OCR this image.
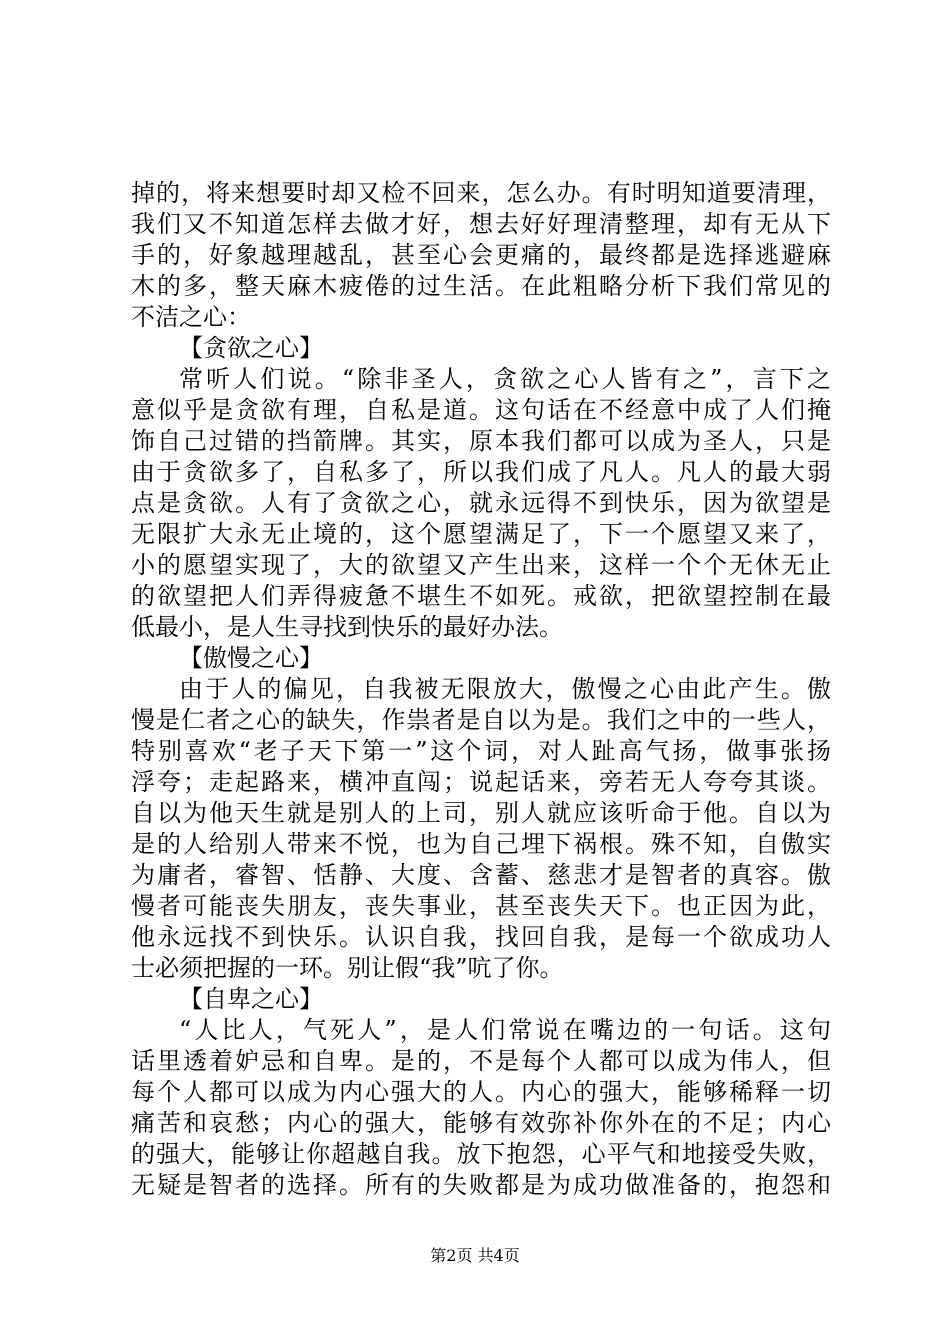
掉的，将来想要时却又检不回来，怎么办。有时明知道要清理，
我们又不知道怎样去做才好，想去好好理清整理，却有无从下
手的，好象越理越乱，甚至心会更痛的，最终都是选择逃避麻
木的多，整天麻木疲倦的过生活。在此粗略分析下我们常见的
不洁之心：
【贪欲之心】
常听人们说。“除非圣人，贪欲之心人皆有之”，言下之
意似乎是贪欲有理，自私是道。这句话在不经意中成了人们掩
饰自己过错的挡箭牌。其实，原本我们都可以成为圣人，只是
由于贪欲多了，自私多了，所以我们成了凡人。凡人的最大弱
点是贪欲。人有了贪欲之心，就永远得不到快乐，因为欲望是
无限扩大永无止境的，这个愿望满足了，下一个愿望又来了，
小的愿望实现了，大的欲望又产生出来，这样一个个无休无止
的欲望把人们弄得疲惫不堪生不如死。戒欲，把欲望控制在最
低最小，是人生寻找到快乐的最好办法。
【傲慢之心】
由于人的偏见，自我被无限放大，傲慢之心由此产生。傲
慢是仁者之心的缺失，作祟者是自以为是。我们之中的一些人，
特别喜欢“老子天下第一”这个词，对人趾高气扬，做事张扬
浮夸；走起路来，横冲直闯；说起话来，旁若无人夸夸其谈。
自以为他天生就是别人的上司，别人就应该听命于他。自以为
是的人给别人带来不悦，也为自己埋下祸根。殊不知，自傲实
为庸者，睿智、恬静、大度、含蓄、慈悲才是智者的真容。傲
慢者可能丧失朋友，丧失事业，甚至丧失天下。也正因为此，
他永远找不到快乐。认识自我，找回自我，是每一个欲成功人
士必须把握的一环。别让假“我”吭了你。
【自卑之心】
“人比人，气死人”，是人们常说在嘴边的一句话。这句
话里透着妒忌和自卑。是的，不是每个人都可以成为伟人，但
每个人都可以成为内心强大的人。内心的强大，能够稀释一切
痛苦和哀愁；内心的强大，能够有效弥补你外在的不足；内心
的强大，能够让你超越自我。放下抱怨，心平气和地接受失败，
无疑是智者的选择。所有的失败都是为成功做准备的，抱怨和
第2页 共4页
